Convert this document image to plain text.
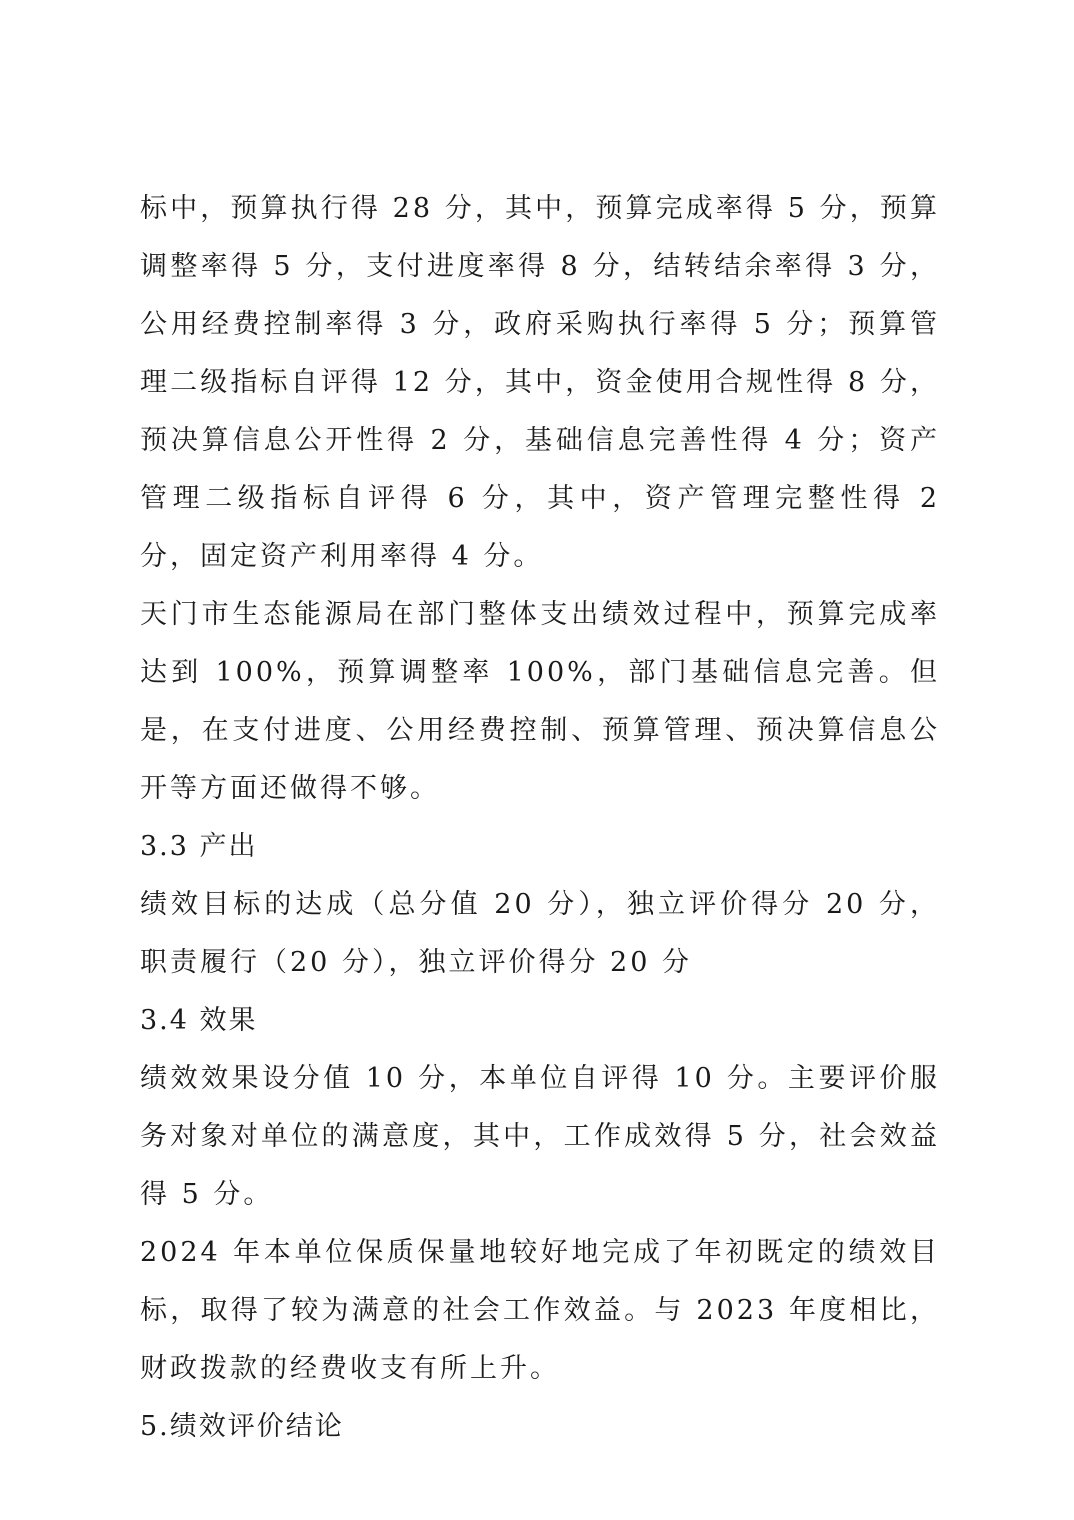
标中，预算执行得 28 分，其中，预算完成率得 5 分，预算调整率得 5 分，支付进度率得 8 分，结转结余率得 3 分，公用经费控制率得 3 分，政府采购执行率得 5 分；预算管理二级指标自评得 12 分，其中，资金使用合规性得 8 分，预决算信息公开性得 2 分，基础信息完善性得 4 分；资产管理二级指标自评得 6 分，其中，资产管理完整性得 2 分，固定资产利用率得 4 分。

天门市生态能源局在部门整体支出绩效过程中，预算完成率达到 100%，预算调整率 100%，部门基础信息完善。但是，在支付进度、公用经费控制、预算管理、预决算信息公开等方面还做得不够。

3.3 产出

绩效目标的达成（总分值 20 分），独立评价得分 20 分，职责履行（20 分），独立评价得分 20 分

3.4 效果

绩效效果设分值 10 分，本单位自评得 10 分。主要评价服务对象对单位的满意度，其中，工作成效得 5 分，社会效益得 5 分。

2024 年本单位保质保量地较好地完成了年初既定的绩效目标，取得了较为满意的社会工作效益。与 2023 年度相比，财政拨款的经费收支有所上升。

5.绩效评价结论
